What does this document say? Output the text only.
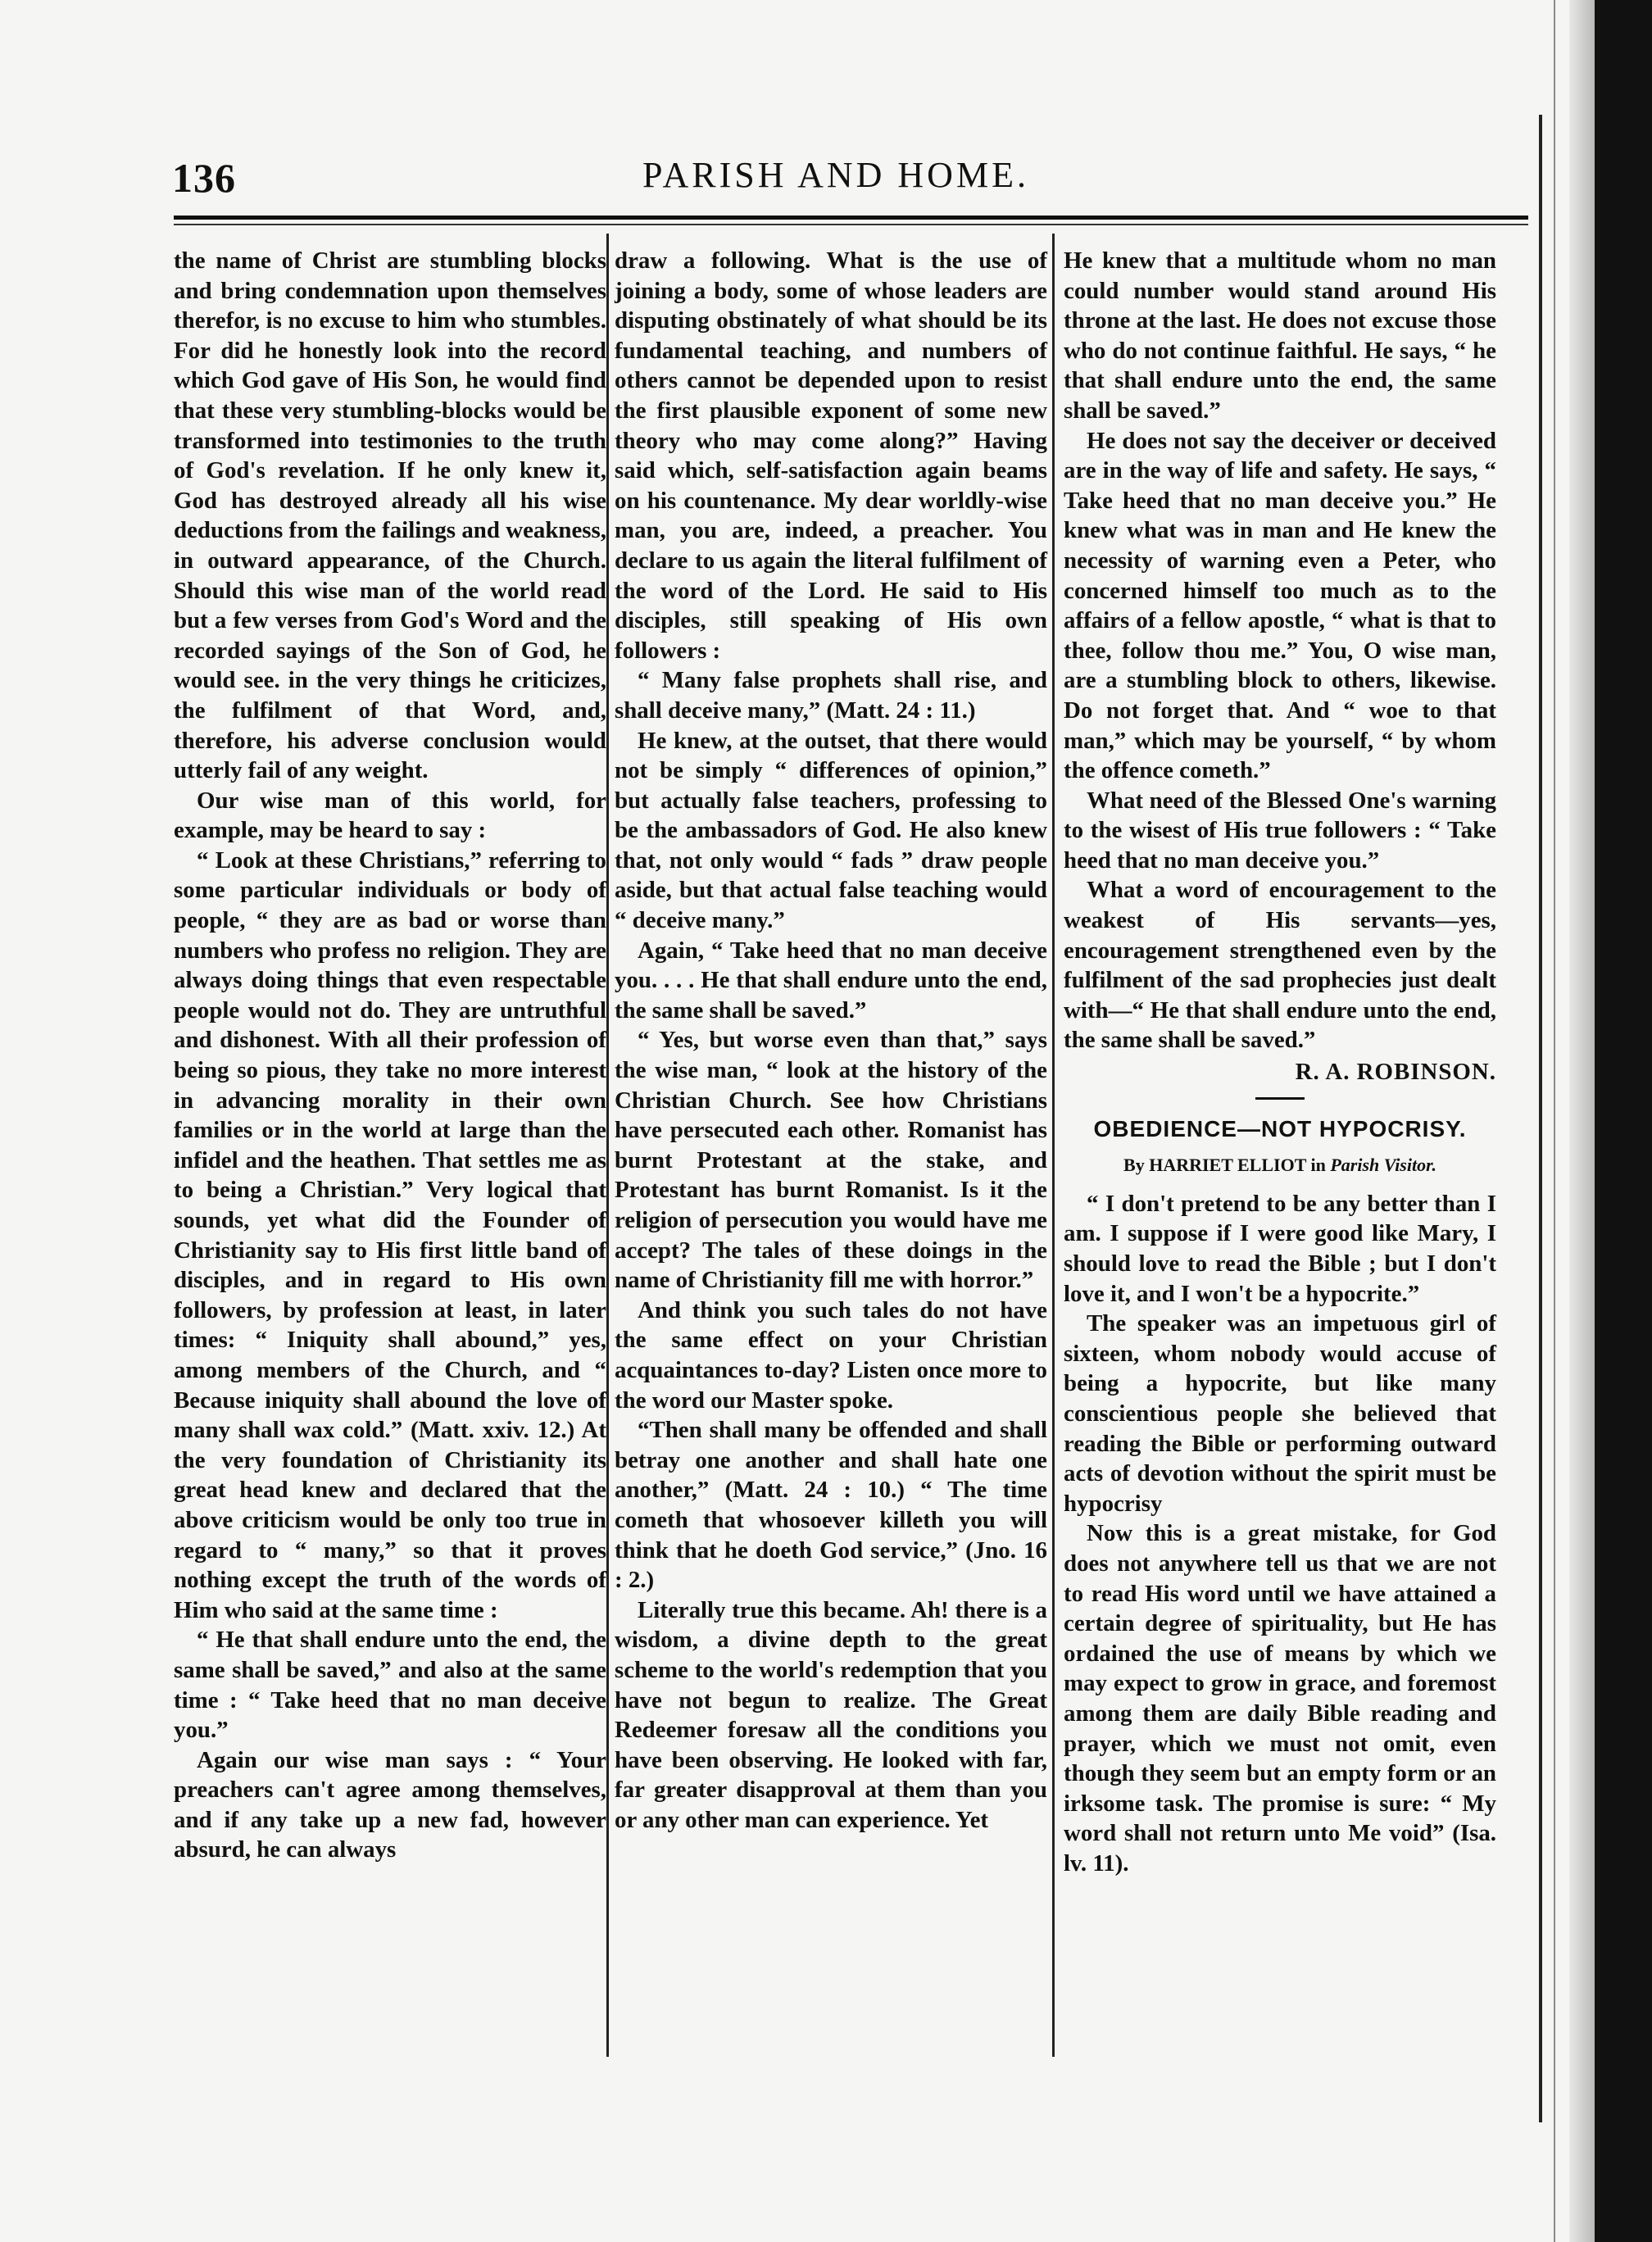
136	PARISH AND HOME.

the name of Christ are stumbling blocks and bring condemnation upon themselves therefor, is no excuse to him who stumbles. For did he honestly look into the record which God gave of His Son, he would find that these very stumbling-blocks would be transformed into testimonies to the truth of God's revelation. If he only knew it, God has destroyed already all his wise deductions from the failings and weakness, in outward appearance, of the Church. Should this wise man of the world read but a few verses from God's Word and the recorded sayings of the Son of God, he would see. in the very things he criticizes, the fulfilment of that Word, and, therefore, his adverse conclusion would utterly fail of any weight.

Our wise man of this world, for example, may be heard to say :

“ Look at these Christians,” referring to some particular individuals or body of people, “ they are as bad or worse than numbers who profess no religion. They are always doing things that even respectable people would not do. They are untruthful and dishonest. With all their profession of being so pious, they take no more interest in advancing morality in their own families or in the world at large than the infidel and the heathen. That settles me as to being a Christian.” Very logical that sounds, yet what did the Founder of Christianity say to His first little band of disciples, and in regard to His own followers, by profession at least, in later times: “ Iniquity shall abound,” yes, among members of the Church, and “ Because iniquity shall abound the love of many shall wax cold.” (Matt. xxiv. 12.) At the very foundation of Christianity its great head knew and declared that the above criticism would be only too true in regard to “ many,” so that it proves nothing except the truth of the words of Him who said at the same time :

“ He that shall endure unto the end, the same shall be saved,” and also at the same time : “ Take heed that no man deceive you.”

Again our wise man says : “ Your preachers can't agree among themselves, and if any take up a new fad, however absurd, he can always

draw a following. What is the use of joining a body, some of whose leaders are disputing obstinately of what should be its fundamental teaching, and numbers of others cannot be depended upon to resist the first plausible exponent of some new theory who may come along?” Having said which, self-satisfaction again beams on his countenance. My dear worldly-wise man, you are, indeed, a preacher. You declare to us again the literal fulfilment of the word of the Lord. He said to His disciples, still speaking of His own followers :

“ Many false prophets shall rise, and shall deceive many,” (Matt. 24 : 11.)

He knew, at the outset, that there would not be simply “ differences of opinion,” but actually false teachers, professing to be the ambassadors of God. He also knew that, not only would “ fads ” draw people aside, but that actual false teaching would “ deceive many.”

Again, “ Take heed that no man deceive you. . . . He that shall endure unto the end, the same shall be saved.”

“ Yes, but worse even than that,” says the wise man, “ look at the history of the Christian Church. See how Christians have persecuted each other. Romanist has burnt Protestant at the stake, and Protestant has burnt Romanist. Is it the religion of persecution you would have me accept? The tales of these doings in the name of Christianity fill me with horror.”

And think you such tales do not have the same effect on your Christian acquaintances to-day? Listen once more to the word our Master spoke.

“Then shall many be offended and shall betray one another and shall hate one another,” (Matt. 24 : 10.) “ The time cometh that whosoever killeth you will think that he doeth God service,” (Jno. 16 : 2.)

Literally true this became. Ah! there is a wisdom, a divine depth to the great scheme to the world's redemption that you have not begun to realize. The Great Redeemer foresaw all the conditions you have been observing. He looked with far, far greater disapproval at them than you or any other man can experience. Yet

He knew that a multitude whom no man could number would stand around His throne at the last. He does not excuse those who do not continue faithful. He says, “ he that shall endure unto the end, the same shall be saved.”

He does not say the deceiver or deceived are in the way of life and safety. He says, “ Take heed that no man deceive you.” He knew what was in man and He knew the necessity of warning even a Peter, who concerned himself too much as to the affairs of a fellow apostle, “ what is that to thee, follow thou me.” You, O wise man, are a stumbling block to others, likewise. Do not forget that. And “ woe to that man,” which may be yourself, “ by whom the offence cometh.”

What need of the Blessed One's warning to the wisest of His true followers : “ Take heed that no man deceive you.”

What a word of encouragement to the weakest of His servants—yes, encouragement strengthened even by the fulfilment of the sad prophecies just dealt with—“ He that shall endure unto the end, the same shall be saved.”

R. A. ROBINSON.

OBEDIENCE—NOT HYPOCRISY.

By HARRIET ELLIOT in Parish Visitor.

“ I don't pretend to be any better than I am. I suppose if I were good like Mary, I should love to read the Bible ; but I don't love it, and I won't be a hypocrite.”

The speaker was an impetuous girl of sixteen, whom nobody would accuse of being a hypocrite, but like many conscientious people she believed that reading the Bible or performing outward acts of devotion without the spirit must be hypocrisy

Now this is a great mistake, for God does not anywhere tell us that we are not to read His word until we have attained a certain degree of spirituality, but He has ordained the use of means by which we may expect to grow in grace, and foremost among them are daily Bible reading and prayer, which we must not omit, even though they seem but an empty form or an irksome task. The promise is sure: “ My word shall not return unto Me void” (Isa. lv. 11).
